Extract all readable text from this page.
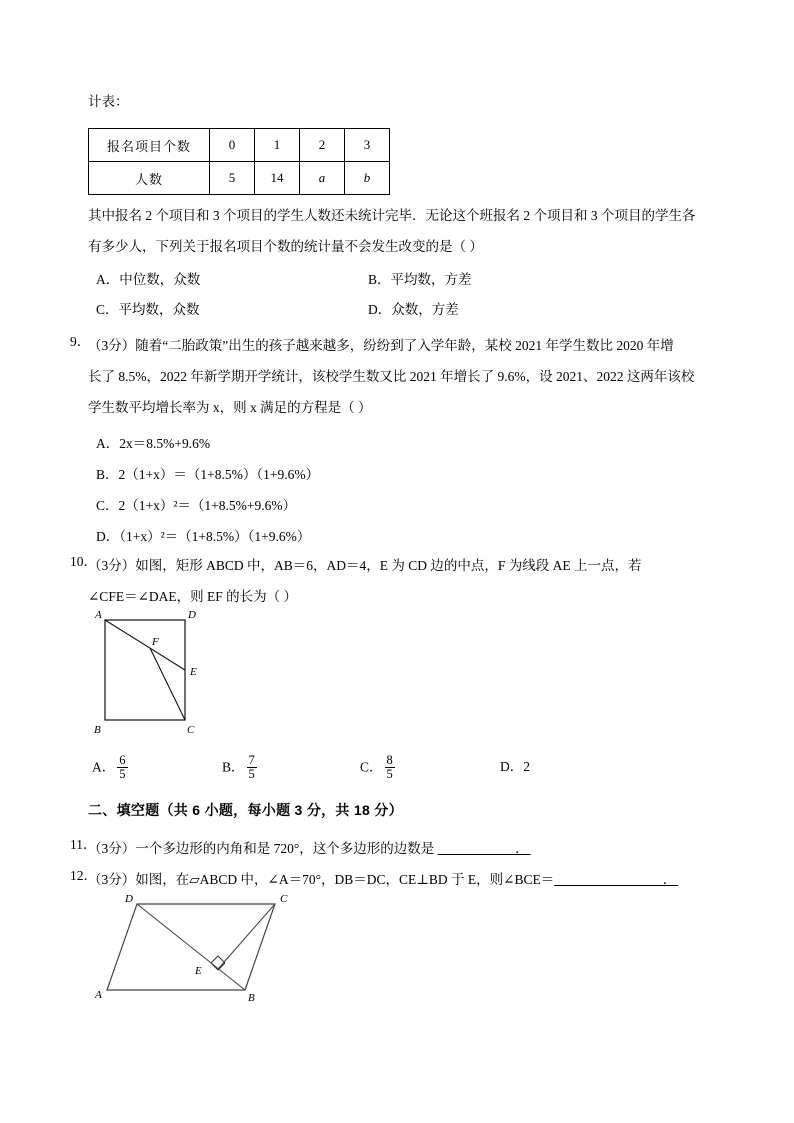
计表：
报名项目个数	0	1	2	3
人数	5	14	a	b
其中报名 2 个项目和 3 个项目的学生人数还未统计完毕．无论这个班报名 2 个项目和 3 个项目的学生各
有多少人，下列关于报名项目个数的统计量不会发生改变的是（ ）
A．中位数，众数	B．平均数，方差
C．平均数，众数	D．众数，方差
9．
（3分）随着“二胎政策”出生的孩子越来越多，纷纷到了入学年龄，某校 2021 年学生数比 2020 年增
长了 8.5%，2022 年新学期开学统计，该校学生数又比 2021 年增长了 9.6%，设 2021、2022 这两年该校
学生数平均增长率为 x，则 x 满足的方程是（ ）
A．2x＝8.5%+9.6%
B．2（1+x）＝（1+8.5%）（1+9.6%）
C．2（1+x）²＝（1+8.5%+9.6%）
D．（1+x）²＝（1+8.5%）（1+9.6%）
10．
（3分）如图，矩形 ABCD 中，AB＝6，AD＝4，E 为 CD 边的中点，F 为线段 AE 上一点，若
∠CFE＝∠DAE，则 EF 的长为（ ）
A	D
B	C
E
F
A． $\frac{6}{5}$	B． $\frac{7}{5}$	C． $\frac{8}{5}$	D．2
二、填空题（共 6 小题，每小题 3 分，共 18 分）
11．
（3分）一个多边形的内角和是 720°，这个多边形的边数是 ＿＿＿＿＿．
12．
（3分）如图，在▱ABCD 中，∠A＝70°，DB＝DC，CE⊥BD 于 E，则∠BCE＝＿＿＿＿＿＿＿．
A	B
C
D
E
